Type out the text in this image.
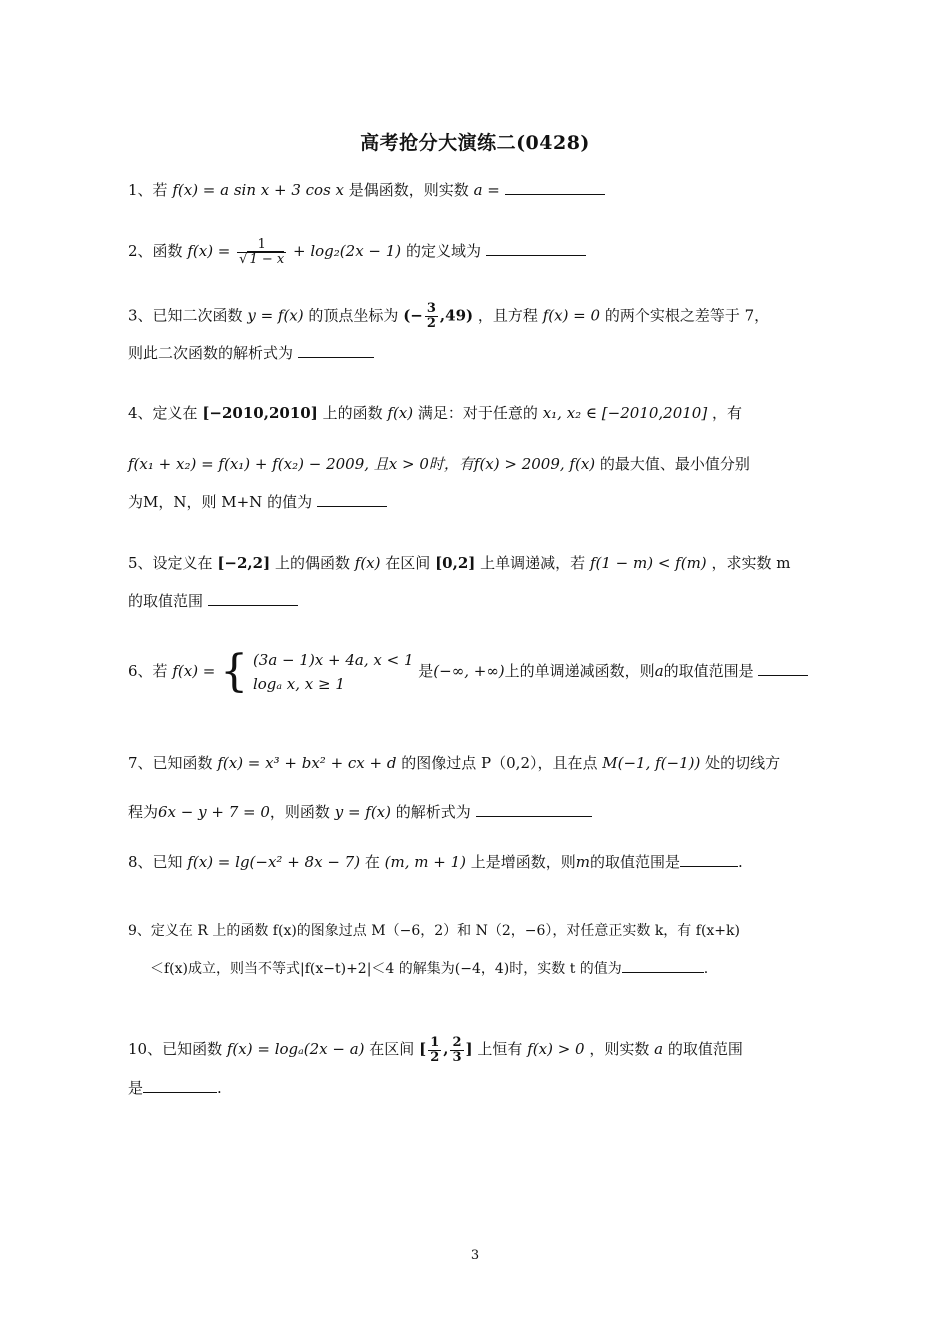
高考抢分大演练二(0428)
1、若 f(x) = a sin x + 3 cos x 是偶函数，则实数 a =
2、函数 $f(x) = \frac{1}{√ 1 - x} + \log_2(2x - 1)$ 的定义域为
3、已知二次函数 y = f(x) 的顶点坐标为 (− $\frac{3}{2} ,49$) ，且方程 f(x) = 0 的两个实根之差等于 7，
则此二次函数的解析式为
4、定义在 [−2010,2010] 上的函数 f(x) 满足：对于任意的 x₁, x₂ ∈ [−2010,2010] ，有
f(x₁ + x₂) = f(x₁) + f(x₂) − 2009, 且x > 0时，有f(x) > 2009, f(x) 的最大值、最小值分别
为M，N，则 M+N 的值为
5、设定义在 [−2,2] 上的偶函数 f(x) 在区间 [0,2] 上单调递减，若 f(1 − m) < f(m) ，求实数 m
的取值范围
6、若 f(x) = { (3a − 1)x + 4a, x < 1
logₐ x, x ≥ 1
是(−∞, +∞)上的单调递减函数，则a的取值范围是
7、已知函数 f(x) = x³ + bx² + cx + d 的图像过点 P（0,2），且在点 M(−1, f(−1)) 处的切线方
程为6x − y + 7 = 0，则函数 y = f(x) 的解析式为
8、已知 f(x) = lg(−x² + 8x − 7) 在 (m, m + 1) 上是增函数，则m的取值范围是	.
9、定义在 R 上的函数 f(x)的图象过点 M（−6，2）和 N（2，−6），对任意正实数 k，有 f(x+k)
＜f(x)成立，则当不等式|f(x−t)+2|＜4 的解集为(−4，4)时，实数 t 的值为	.
10、已知函数 f(x) = logₐ(2x − a) 在区间 [ $\frac{1}{2}$ , $\frac{2}{3}$ ] 上恒有 f(x) > 0 ，则实数 a 的取值范围
是	.
3
